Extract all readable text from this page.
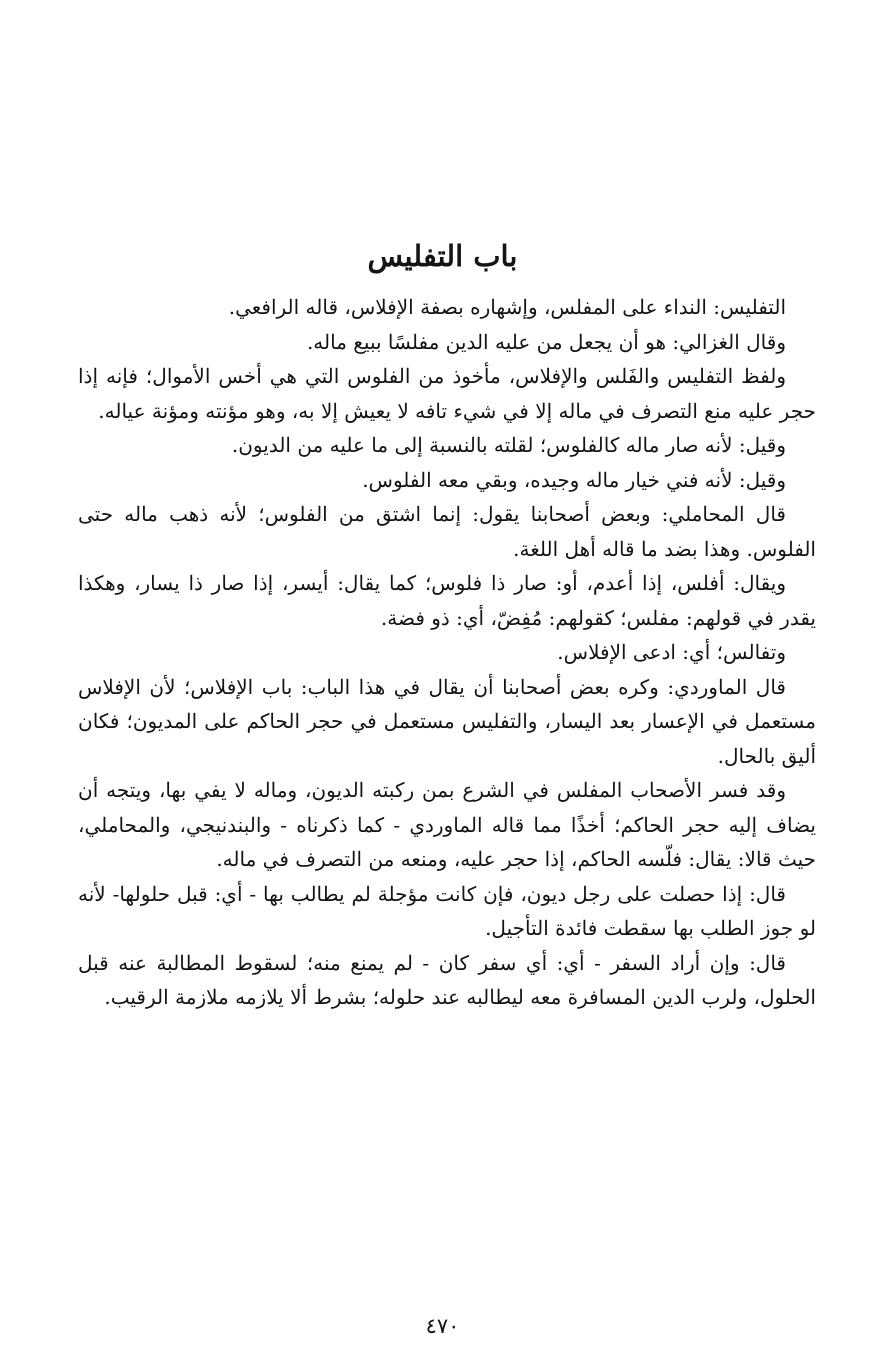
باب التفليس

التفليس: النداء على المفلس، وإشهاره بصفة الإفلاس، قاله الرافعي.

وقال الغزالي: هو أن يجعل من عليه الدين مفلسًا ببيع ماله.

ولفظ التفليس والفَلس والإفلاس، مأخوذ من الفلوس التي هي أخس الأموال؛ فإنه إذا حجر عليه منع التصرف في ماله إلا في شيء تافه لا يعيش إلا به، وهو مؤنته ومؤنة عياله.

وقيل: لأنه صار ماله كالفلوس؛ لقلته بالنسبة إلى ما عليه من الديون.

وقيل: لأنه فني خيار ماله وجيده، وبقي معه الفلوس.

قال المحاملي: وبعض أصحابنا يقول: إنما اشتق من الفلوس؛ لأنه ذهب ماله حتى الفلوس. وهذا بضد ما قاله أهل اللغة.

ويقال: أفلس، إذا أعدم، أو: صار ذا فلوس؛ كما يقال: أيسر، إذا صار ذا يسار، وهكذا يقدر في قولهم: مفلس؛ كقولهم: مُفِضّ، أي: ذو فضة.

وتفالس؛ أي: ادعى الإفلاس.

قال الماوردي: وكره بعض أصحابنا أن يقال في هذا الباب: باب الإفلاس؛ لأن الإفلاس مستعمل في الإعسار بعد اليسار، والتفليس مستعمل في حجر الحاكم على المديون؛ فكان أليق بالحال.

وقد فسر الأصحاب المفلس في الشرع بمن ركبته الديون، وماله لا يفي بها، ويتجه أن يضاف إليه حجر الحاكم؛ أخذًا مما قاله الماوردي - كما ذكرناه - والبندنيجي، والمحاملي، حيث قالا: يقال: فلّسه الحاكم، إذا حجر عليه، ومنعه من التصرف في ماله.

قال: إذا حصلت على رجل ديون، فإن كانت مؤجلة لم يطالب بها - أي: قبل حلولها- لأنه لو جوز الطلب بها سقطت فائدة التأجيل.

قال: وإن أراد السفر - أي: أي سفر كان - لم يمنع منه؛ لسقوط المطالبة عنه قبل الحلول، ولرب الدين المسافرة معه ليطالبه عند حلوله؛ بشرط ألا يلازمه ملازمة الرقيب.

٤٧٠
